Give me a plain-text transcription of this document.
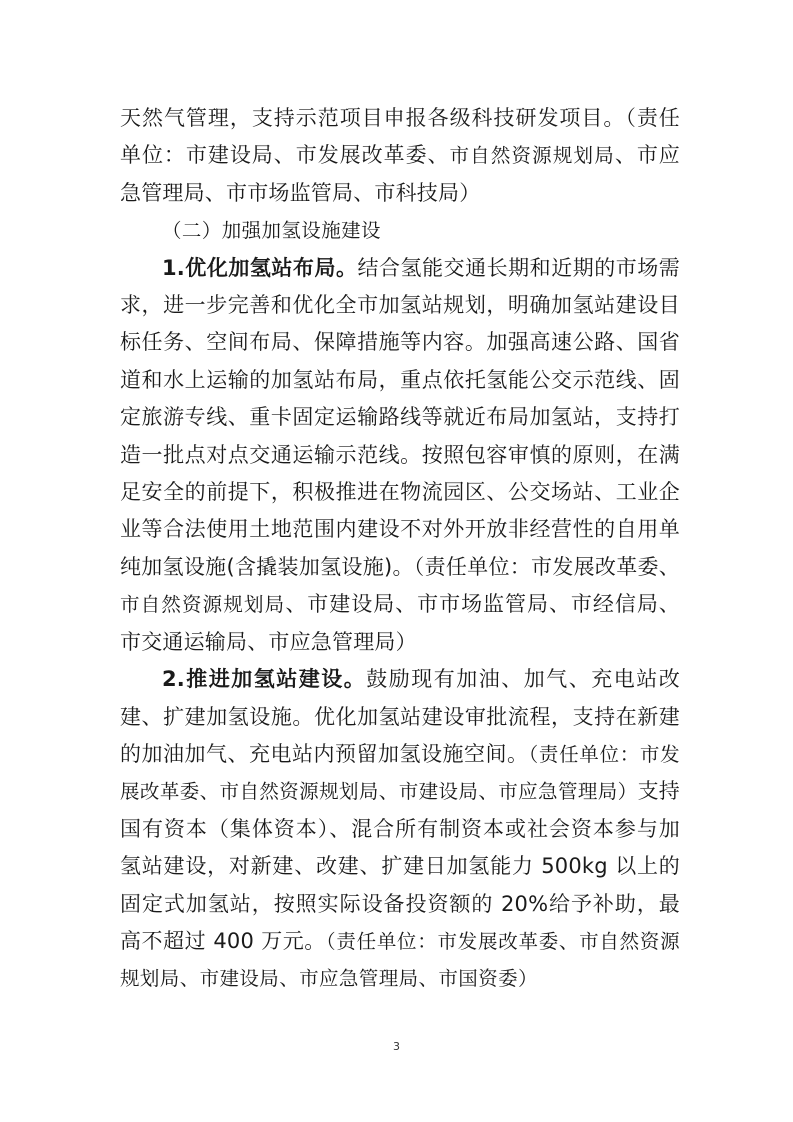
天然气管理，支持示范项目申报各级科技研发项目。（责任单位：市建设局、市发展改革委、市自然资源规划局、市应急管理局、市市场监管局、市科技局）

（二）加强加氢设施建设

1.优化加氢站布局。结合氢能交通长期和近期的市场需求，进一步完善和优化全市加氢站规划，明确加氢站建设目标任务、空间布局、保障措施等内容。加强高速公路、国省道和水上运输的加氢站布局，重点依托氢能公交示范线、固定旅游专线、重卡固定运输路线等就近布局加氢站，支持打造一批点对点交通运输示范线。按照包容审慎的原则，在满足安全的前提下，积极推进在物流园区、公交场站、工业企业等合法使用土地范围内建设不对外开放非经营性的自用单纯加氢设施(含撬装加氢设施)。（责任单位：市发展改革委、市自然资源规划局、市建设局、市市场监管局、市经信局、市交通运输局、市应急管理局）

2.推进加氢站建设。鼓励现有加油、加气、充电站改建、扩建加氢设施。优化加氢站建设审批流程，支持在新建的加油加气、充电站内预留加氢设施空间。（责任单位：市发展改革委、市自然资源规划局、市建设局、市应急管理局）支持国有资本（集体资本）、混合所有制资本或社会资本参与加氢站建设，对新建、改建、扩建日加氢能力 500kg 以上的固定式加氢站，按照实际设备投资额的 20%给予补助，最高不超过 400 万元。（责任单位：市发展改革委、市自然资源规划局、市建设局、市应急管理局、市国资委）

3
